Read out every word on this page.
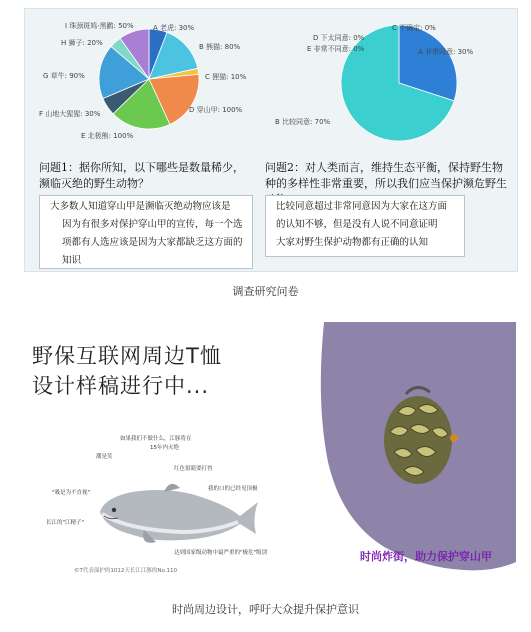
I 珠颈斑鸠·黑鹳: 50%
H 狮子: 20%
G 草牛: 90%
F 山地大猩猩: 30%
E 北极熊: 100%
D 穿山甲: 100%
C 狸猫: 10%
B 熊猫: 80%
A 老虎: 30%
D 下太同意: 0%
E 非常不同意: 0%
C 不确定: 0%
A 非常同意: 30%
B 比较同意: 70%
问题1：据你所知，以下哪些是数量稀少，濒临灭绝的野生动物？
问题2：对人类而言，维持生态平衡，保持野生物种的多样性非常重要，所以我们应当保护濒危野生
大多数人知道穿山甲是濒临灭绝动物应该是
因为有很多对保护穿山甲的宣传，每一个选
项都有人选应该是因为大家都缺乏这方面的
知识
比较同意超过非常同意因为大家在这方面
的认知不够，但是没有人说不同意证明
大家对野生保护动物都有正确的认知
调查研究问卷
野保互联网周边T恤
设计样稿进行中...
如果我们不做什么，江豚将在
15年内灭绝
潮是笑
"吸是为不直视"
长江的"江精子"
红色很睛要打兽
我的口的已经见顶极
达到国家级动物中最严重的"极危"级别
©T代表保护的1012天长江江豚的No.110
时尚炸街，助力保护穿山甲
时尚周边设计，呼吁大众提升保护意识
